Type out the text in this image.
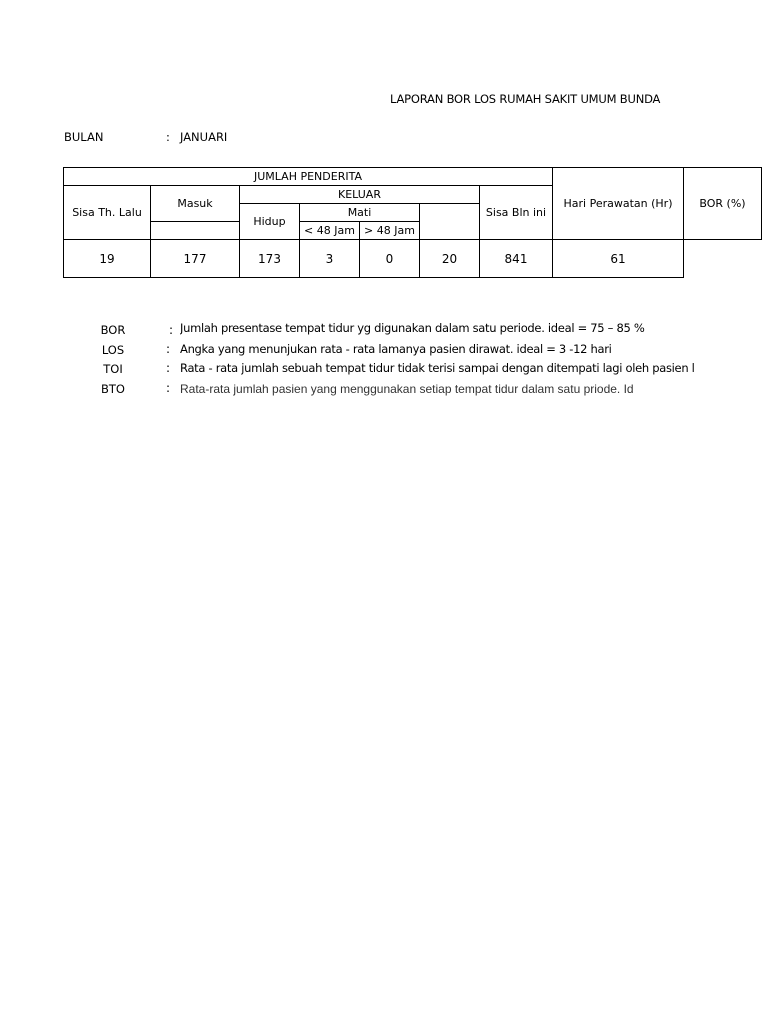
LAPORAN BOR LOS RUMAH SAKIT UMUM BUNDA
BULAN	: JANUARI
JUMLAH PENDERITA							Hari Perawatan (Hr)	BOR (%)
Sisa Th. Lalu	Masuk	KELUAR				Sisa Bln ini		
		Hidup	Mati					
			< 48 Jam	> 48 Jam				
19	177	173	3	0	20	841	61	
BOR	: Jumlah presentase tempat tidur yg digunakan dalam satu periode. ideal = 75 – 85 %
LOS	: Angka yang menunjukan rata - rata lamanya pasien dirawat. ideal = 3 -12 hari
TOI	: Rata - rata jumlah sebuah tempat tidur tidak terisi sampai dengan ditempati lagi oleh pasien l
BTO	: Rata-rata jumlah pasien yang menggunakan setiap tempat tidur dalam satu priode. Id
